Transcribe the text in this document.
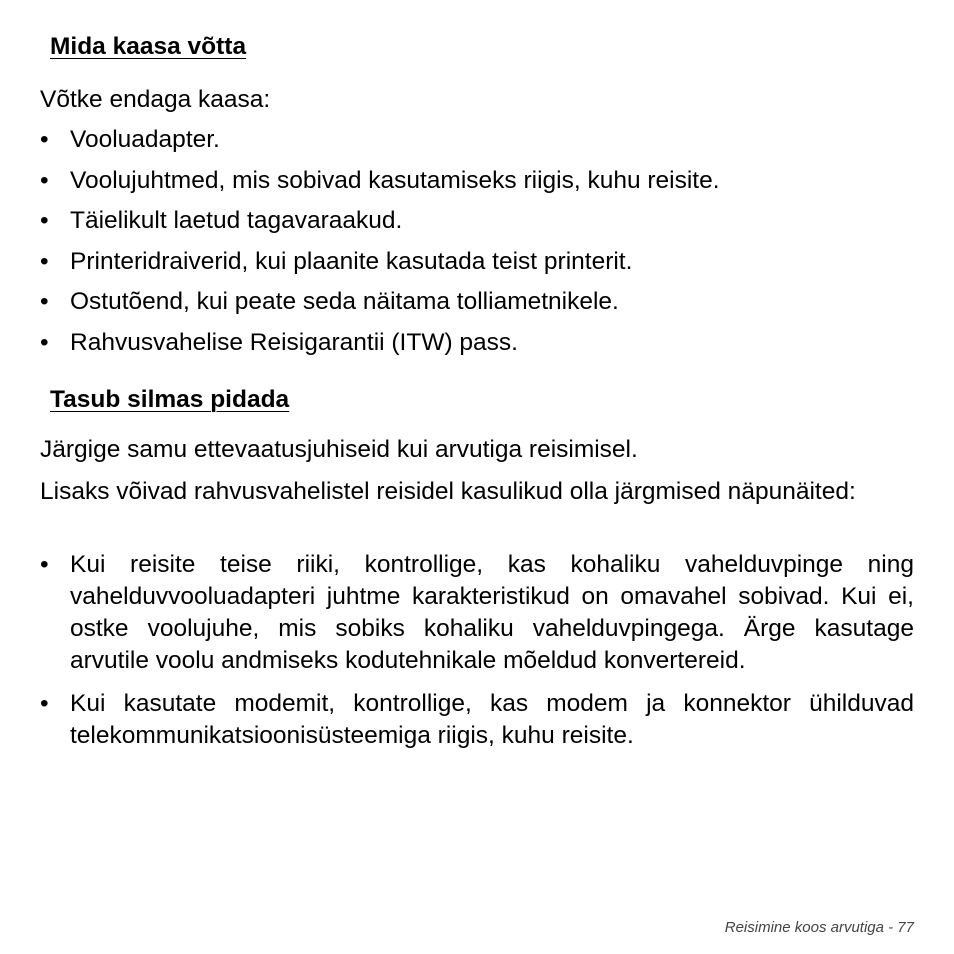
Mida kaasa võtta

Võtke endaga kaasa:

• Vooluadapter.
• Voolujuhtmed, mis sobivad kasutamiseks riigis, kuhu reisite.
• Täielikult laetud tagavaraakud.
• Printeridraiverid, kui plaanite kasutada teist printerit.
• Ostutõend, kui peate seda näitama tolliametnikele.
• Rahvusvahelise Reisigarantii (ITW) pass.
Tasub silmas pidada

Järgige samu ettevaatusjuhiseid kui arvutiga reisimisel.

Lisaks võivad rahvusvahelistel reisidel kasulikud olla järgmised näpunäited:

• Kui reisite teise riiki, kontrollige, kas kohaliku vahelduvpinge ning vahelduvvooluadapteri juhtme karakteristikud on omavahel sobivad. Kui ei, ostke voolujuhe, mis sobiks kohaliku vahelduvpingega. Ärge kasutage arvutile voolu andmiseks kodutehnikale mõeldud konvertereid.
• Kui kasutate modemit, kontrollige, kas modem ja konnektor ühilduvad telekommunikatsioonisüsteemiga riigis, kuhu reisite.
Reisimine koos arvutiga - 77
